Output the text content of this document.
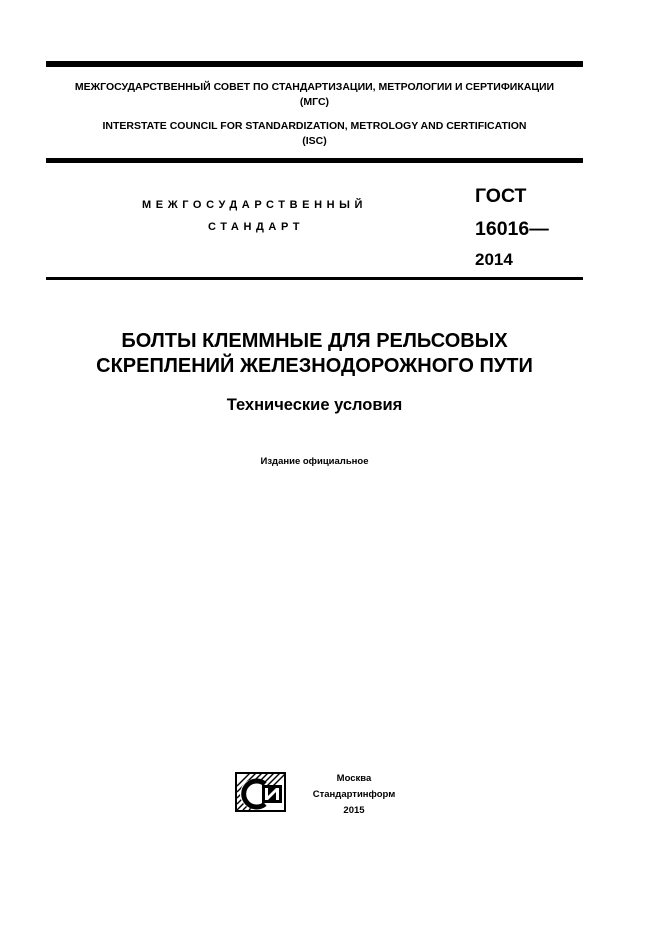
МЕЖГОСУДАРСТВЕННЫЙ СОВЕТ ПО СТАНДАРТИЗАЦИИ, МЕТРОЛОГИИ И СЕРТИФИКАЦИИ
(МГС)
INTERSTATE COUNCIL FOR STANDARDIZATION, METROLOGY AND CERTIFICATION
(ISC)
МЕЖГОСУДАРСТВЕННЫЙ
СТАНДАРТ
ГОСТ
16016—
2014
БОЛТЫ КЛЕММНЫЕ ДЛЯ РЕЛЬСОВЫХ
СКРЕПЛЕНИЙ ЖЕЛЕЗНОДОРОЖНОГО ПУТИ
Технические условия
Издание официальное
Москва
Стандартинформ
2015
